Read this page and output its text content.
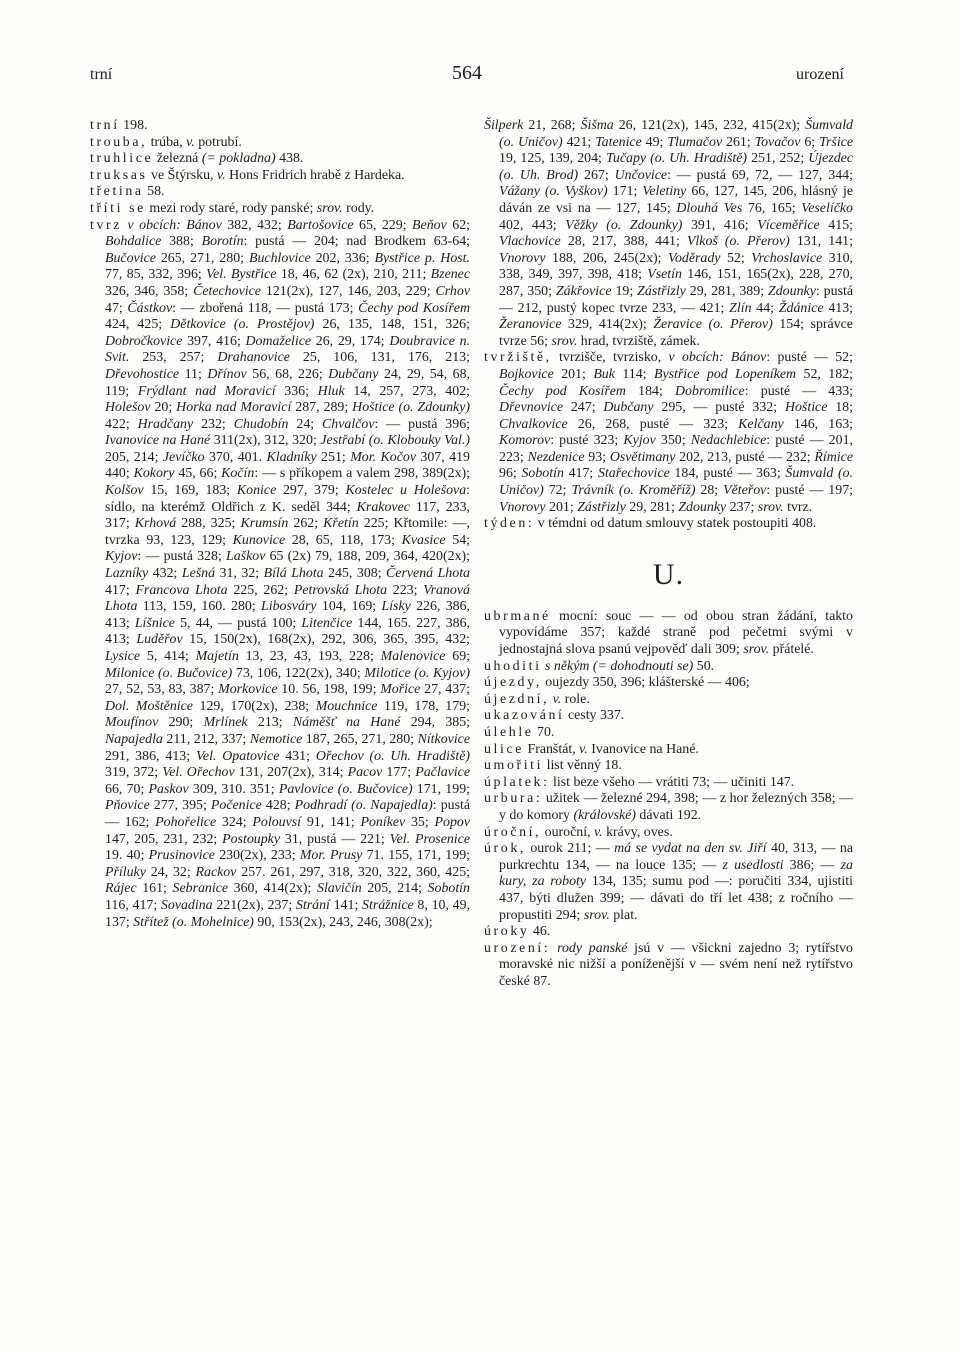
trní	564	urození

trní 198.

trouba, trúba, v. potrubí.

truhlice železná (= pokladna) 438.

truksas ve Štýrsku, v. Hons Fridrich hrabě z Hardeka.

třetina 58.

tříti se mezi rody staré, rody panské; srov. rody.

tvrz v obcích: Bánov 382, 432; Bartošovice 65, 229; Beňov 62; Bohdalice 388; Borotín: pustá — 204; nad Brodkem 63-64; Bučovice 265, 271, 280; Buchlovice 202, 336; Bystřice p. Host. 77, 85, 332, 396; Vel. Bystřice 18, 46, 62 (2x), 210, 211; Bzenec 326, 346, 358; Četechovice 121(2x), 127, 146, 203, 229; Crhov 47; Částkov: — zbořená 118, — pustá 173; Čechy pod Kosířem 424, 425; Dětkovice (o. Prostějov) 26, 135, 148, 151, 326; Dobročkovice 397, 416; Domaželice 26, 29, 174; Doubravice n. Svit. 253, 257; Drahanovice 25, 106, 131, 176, 213; Dřevohostice 11; Dřínov 56, 68, 226; Dubčany 24, 29, 54, 68, 119; Frýdlant nad Moravicí 336; Hluk 14, 257, 273, 402; Holešov 20; Horka nad Moravicí 287, 289; Hoštice (o. Zdounky) 422; Hradčany 232; Chudobín 24; Chvalčov: — pustá 396; Ivanovice na Hané 311(2x), 312, 320; Jestřabí (o. Klobouky Val.) 205, 214; Jevíčko 370, 401. Kladníky 251; Mor. Kočov 307, 419 440; Kokory 45, 66; Kočín: — s příkopem a valem 298, 389(2x); Kolšov 15, 169, 183; Konice 297, 379; Kostelec u Holešova: sídlo, na kterémž Oldřich z K. seděl 344; Krakovec 117, 233, 317; Krhová 288, 325; Krumsín 262; Křetín 225; Křtomile: —, tvrzka 93, 123, 129; Kunovice 28, 65, 118, 173; Kvasice 54; Kyjov: — pustá 328; Laškov 65 (2x) 79, 188, 209, 364, 420(2x); Lazníky 432; Lešná 31, 32; Bílá Lhota 245, 308; Červená Lhota 417; Francova Lhota 225, 262; Petrovská Lhota 223; Vranová Lhota 113, 159, 160. 280; Libosváry 104, 169; Lísky 226, 386, 413; Líšnice 5, 44, — pustá 100; Litenčice 144, 165. 227, 386, 413; Luděřov 15, 150(2x), 168(2x), 292, 306, 365, 395, 432; Lysice 5, 414; Majetín 13, 23, 43, 193, 228; Malenovice 69; Milonice (o. Bučovice) 73, 106, 122(2x), 340; Milotice (o. Kyjov) 27, 52, 53, 83, 387; Morkovice 10. 56, 198, 199; Mořice 27, 437; Dol. Moštěnice 129, 170(2x), 238; Mouchnice 119, 178, 179; Moufínov 290; Mrlínek 213; Náměšť na Hané 294, 385; Napajedla 211, 212, 337; Nemotice 187, 265, 271, 280; Nítkovice 291, 386, 413; Vel. Opatovice 431; Ořechov (o. Uh. Hradiště) 319, 372; Vel. Ořechov 131, 207(2x), 314; Pacov 177; Pačlavice 66, 70; Paskov 309, 310. 351; Pavlovice (o. Bučovice) 171, 199; Pňovice 277, 395; Počenice 428; Podhradí (o. Napajedla): pustá — 162; Pohořelice 324; Polouvsí 91, 141; Poníkev 35; Popov 147, 205, 231, 232; Postoupky 31, pustá — 221; Vel. Prosenice 19. 40; Prusinovice 230(2x), 233; Mor. Prusy 71. 155, 171, 199; Příluky 24, 32; Rackov 257. 261, 297, 318, 320, 322, 360, 425; Rájec 161; Sebranice 360, 414(2x); Slavičín 205, 214; Sobotín 116, 417; Sovadina 221(2x), 237; Strání 141; Strážnice 8, 10, 49, 137; Střítež (o. Mohelnice) 90, 153(2x), 243, 246, 308(2x);

Šilperk 21, 268; Šišma 26, 121(2x), 145, 232, 415(2x); Šumvald (o. Uničov) 421; Tatenice 49; Tlumačov 261; Tovačov 6; Tršice 19, 125, 139, 204; Tučapy (o. Uh. Hradiště) 251, 252; Újezdec (o. Uh. Brod) 267; Unčovice: — pustá 69, 72, — 127, 344; Vážany (o. Vyškov) 171; Veletiny 66, 127, 145, 206, hlásný je dáván ze vsi na — 127, 145; Dlouhá Ves 76, 165; Veselíčko 402, 443; Věžky (o. Zdounky) 391, 416; Víceměřice 415; Vlachovice 28, 217, 388, 441; Vlkoš (o. Přerov) 131, 141; Vnorovy 188, 206, 245(2x); Voděrady 52; Vrchoslavice 310, 338, 349, 397, 398, 418; Vsetín 146, 151, 165(2x), 228, 270, 287, 350; Zákřovice 19; Zástřizly 29, 281, 389; Zdounky: pustá — 212, pustý kopec tvrze 233, — 421; Zlín 44; Ždánice 413; Žeranovice 329, 414(2x); Žeravice (o. Přerov) 154; správce tvrze 56; srov. hrad, tvrziště, zámek.

tvržiště, tvrzišče, tvrzisko, v obcích: Bánov: pusté — 52; Bojkovice 201; Buk 114; Bystřice pod Lopeníkem 52, 182; Čechy pod Kosířem 184; Dobromilice: pusté — 433; Dřevnovice 247; Dubčany 295, — pusté 332; Hoštice 18; Chvalkovice 26, 268, pusté — 323; Kelčany 146, 163; Komorov: pusté 323; Kyjov 350; Nedachlebice: pusté — 201, 223; Nezdenice 93; Osvětimany 202, 213, pusté — 232; Římice 96; Sobotín 417; Stařechovice 184, pusté — 363; Šumvald (o. Uničov) 72; Trávník (o. Kroměříž) 28; Věteřov: pusté — 197; Vnorovy 201; Zástřizly 29, 281; Zdounky 237; srov. tvrz.

týden: v témdni od datum smlouvy statek postoupiti 408.

U.

ubrmané mocní: souc — — od obou stran žádáni, takto vypovídáme 357; každé straně pod pečetmi svými v jednostajná slova psanú vejpověď dali 309; srov. přátelé.

uhoditi s někým (= dohodnouti se) 50.

újezdy, oujezdy 350, 396; klášterské — 406;

újezdní, v. role.

ukazování cesty 337.

úlehle 70.

ulice Franštát, v. Ivanovice na Hané.

umořiti list věnný 18.

úplatek: list beze všeho — vrátiti 73; — učiniti 147.

urbura: užitek — železné 294, 398; — z hor železných 358; —y do komory (královské) dávati 192.

úroční, ouroční, v. krávy, oves.

úrok, ourok 211; — má se vydat na den sv. Jiří 40, 313, — na purkrechtu 134, — na louce 135; — z usedlosti 386; — za kury, za roboty 134, 135; sumu pod —: poručiti 334, ujistiti 437, býti dlužen 399; — dávati do tří let 438; z ročního — propustiti 294; srov. plat.

úroky 46.

urození: rody panské jsú v — všickni zajedno 3; rytířstvo moravské nic nižší a poníženější v — svém není než rytířstvo české 87.
